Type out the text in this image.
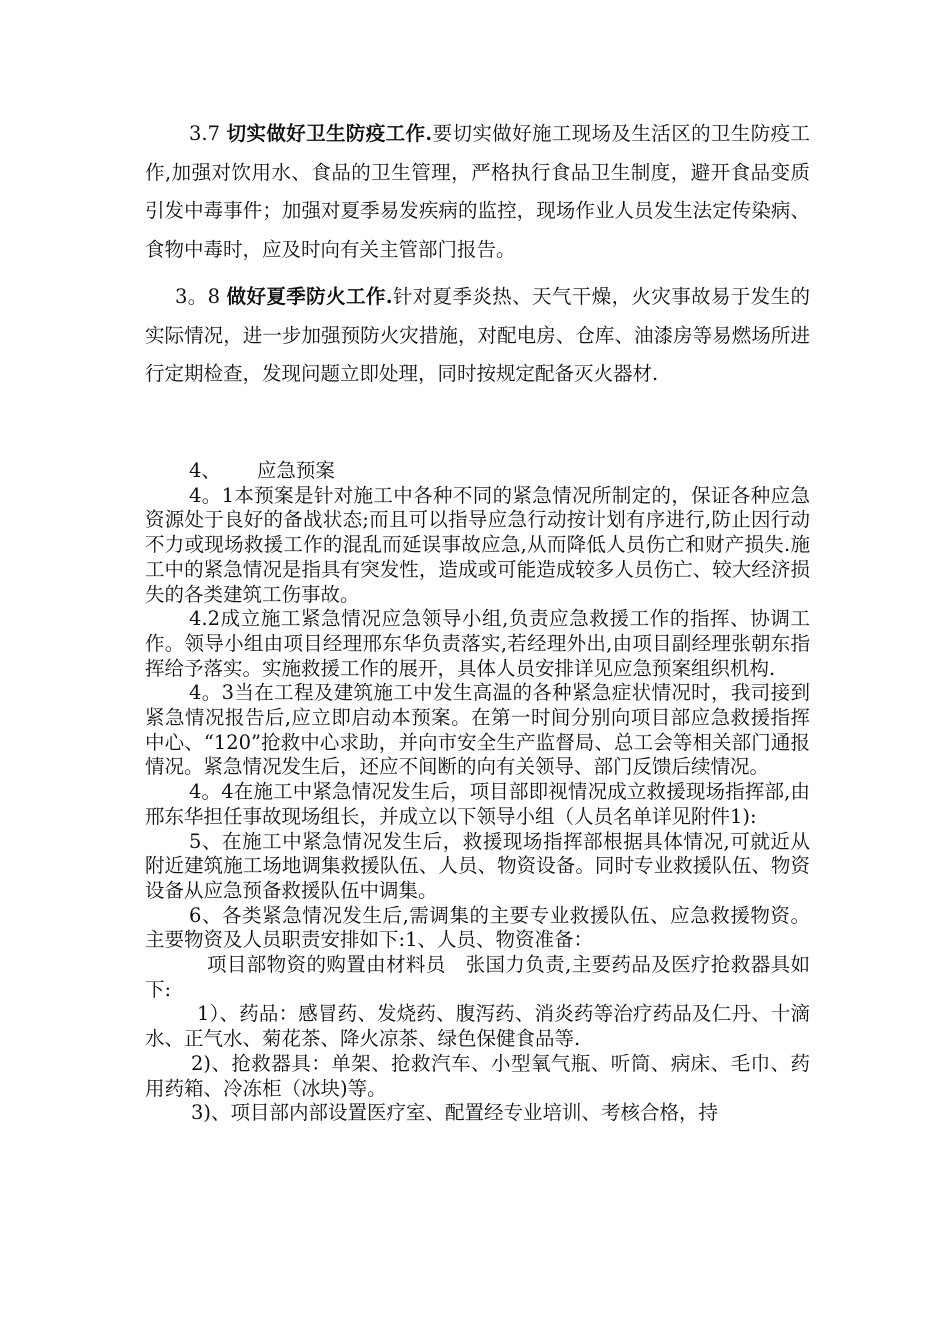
3.7 切实做好卫生防疫工作.要切实做好施工现场及生活区的卫生防疫工作,加强对饮用水、食品的卫生管理，严格执行食品卫生制度，避开食品变质引发中毒事件；加强对夏季易发疾病的监控，现场作业人员发生法定传染病、食物中毒时，应及时向有关主管部门报告。

3。8 做好夏季防火工作.针对夏季炎热、天气干燥，火灾事故易于发生的实际情况，进一步加强预防火灾措施，对配电房、仓库、油漆房等易燃场所进行定期检查，发现问题立即处理，同时按规定配备灭火器材.

4、 应急预案

4。1本预案是针对施工中各种不同的紧急情况所制定的，保证各种应急资源处于良好的备战状态;而且可以指导应急行动按计划有序进行,防止因行动不力或现场救援工作的混乱而延误事故应急,从而降低人员伤亡和财产损失.施工中的紧急情况是指具有突发性，造成或可能造成较多人员伤亡、较大经济损失的各类建筑工伤事故。

4.2成立施工紧急情况应急领导小组,负责应急救援工作的指挥、协调工作。领导小组由项目经理邢东华负责落实,若经理外出,由项目副经理张朝东指挥给予落实。实施救援工作的展开，具体人员安排详见应急预案组织机构.

4。3当在工程及建筑施工中发生高温的各种紧急症状情况时，我司接到紧急情况报告后,应立即启动本预案。在第一时间分别向项目部应急救援指挥中心、“120”抢救中心求助，并向市安全生产监督局、总工会等相关部门通报情况。紧急情况发生后，还应不间断的向有关领导、部门反馈后续情况。

4。4在施工中紧急情况发生后，项目部即视情况成立救援现场指挥部,由邢东华担任事故现场组长，并成立以下领导小组（人员名单详见附件1):

5、在施工中紧急情况发生后，救援现场指挥部根据具体情况,可就近从附近建筑施工场地调集救援队伍、人员、物资设备。同时专业救援队伍、物资设备从应急预备救援队伍中调集。

6、各类紧急情况发生后,需调集的主要专业救援队伍、应急救援物资。主要物资及人员职责安排如下:1、人员、物资准备：

项目部物资的购置由材料员　张国力负责,主要药品及医疗抢救器具如下:

1）、药品：感冒药、发烧药、腹泻药、消炎药等治疗药品及仁丹、十滴水、正气水、菊花茶、降火凉茶、绿色保健食品等.

2)、抢救器具：单架、抢救汽车、小型氧气瓶、听筒、病床、毛巾、药用药箱、冷冻柜（冰块)等。

3)、项目部内部设置医疗室、配置经专业培训、考核合格，持
